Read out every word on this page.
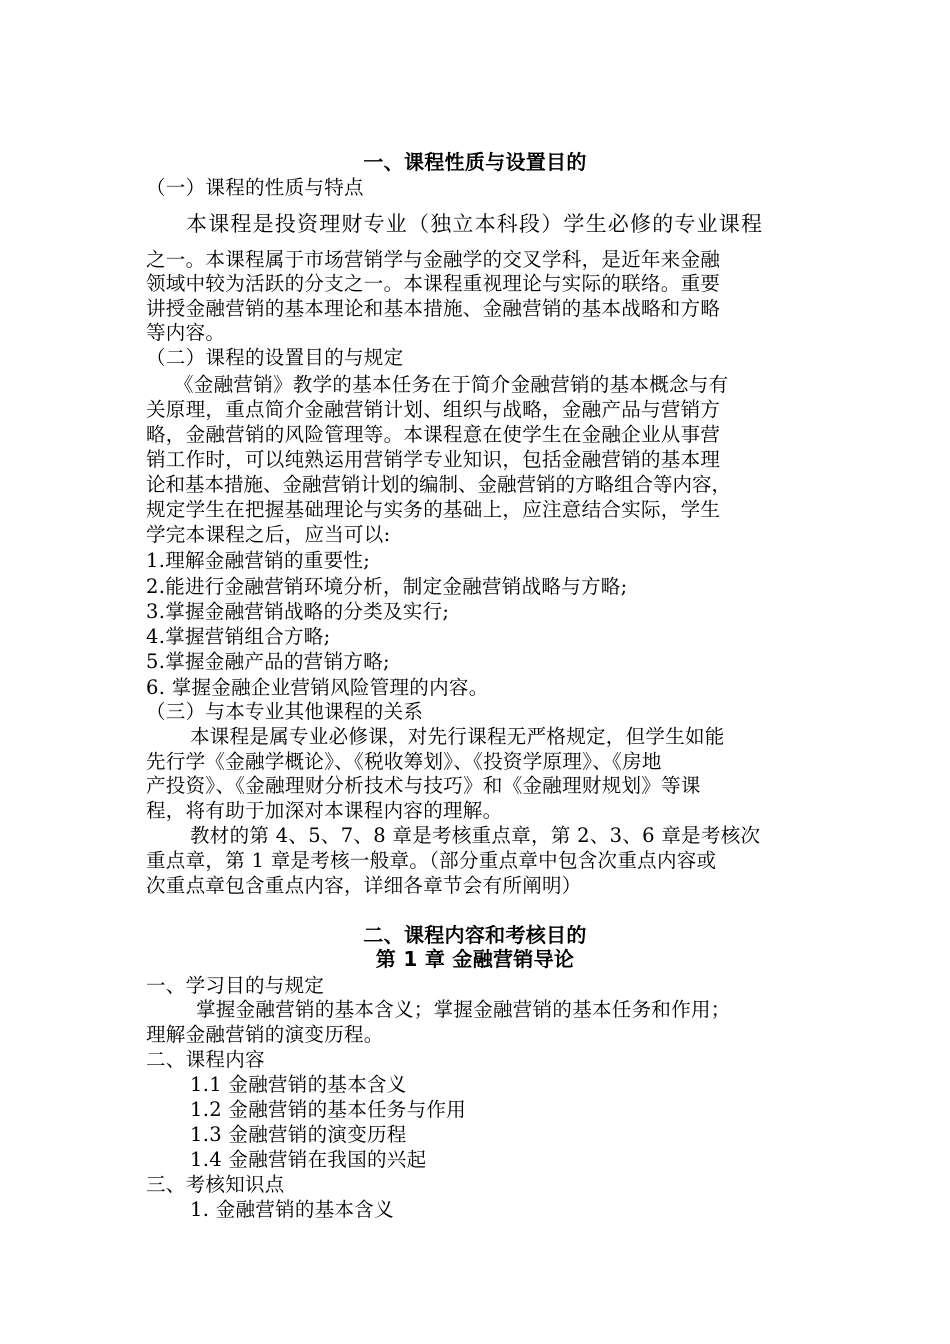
一、课程性质与设置目的
（一）课程的性质与特点
本课程是投资理财专业（独立本科段）学生必修的专业课程
之一。本课程属于市场营销学与金融学的交叉学科，是近年来金融
领域中较为活跃的分支之一。本课程重视理论与实际的联络。重要
讲授金融营销的基本理论和基本措施、金融营销的基本战略和方略
等内容。
（二）课程的设置目的与规定
《金融营销》教学的基本任务在于简介金融营销的基本概念与有
关原理，重点简介金融营销计划、组织与战略，金融产品与营销方
略，金融营销的风险管理等。本课程意在使学生在金融企业从事营
销工作时，可以纯熟运用营销学专业知识，包括金融营销的基本理
论和基本措施、金融营销计划的编制、金融营销的方略组合等内容，
规定学生在把握基础理论与实务的基础上，应注意结合实际，学生
学完本课程之后，应当可以:
1.理解金融营销的重要性;
2.能进行金融营销环境分析，制定金融营销战略与方略;
3.掌握金融营销战略的分类及实行;
4.掌握营销组合方略;
5.掌握金融产品的营销方略;
6. 掌握金融企业营销风险管理的内容。
（三）与本专业其他课程的关系
本课程是属专业必修课，对先行课程无严格规定，但学生如能
先行学《金融学概论》、《税收筹划》、《投资学原理》、《房地
产投资》、《金融理财分析技术与技巧》和《金融理财规划》等课
程，将有助于加深对本课程内容的理解。
教材的第 4、5、7、8 章是考核重点章，第 2、3、6 章是考核次
重点章，第 1 章是考核一般章。（部分重点章中包含次重点内容或
次重点章包含重点内容，详细各章节会有所阐明）
二、课程内容和考核目的
第 1 章 金融营销导论
一、学习目的与规定
掌握金融营销的基本含义；掌握金融营销的基本任务和作用；
理解金融营销的演变历程。
二、课程内容
1.1 金融营销的基本含义
1.2 金融营销的基本任务与作用
1.3 金融营销的演变历程
1.4 金融营销在我国的兴起
三、考核知识点
1. 金融营销的基本含义
